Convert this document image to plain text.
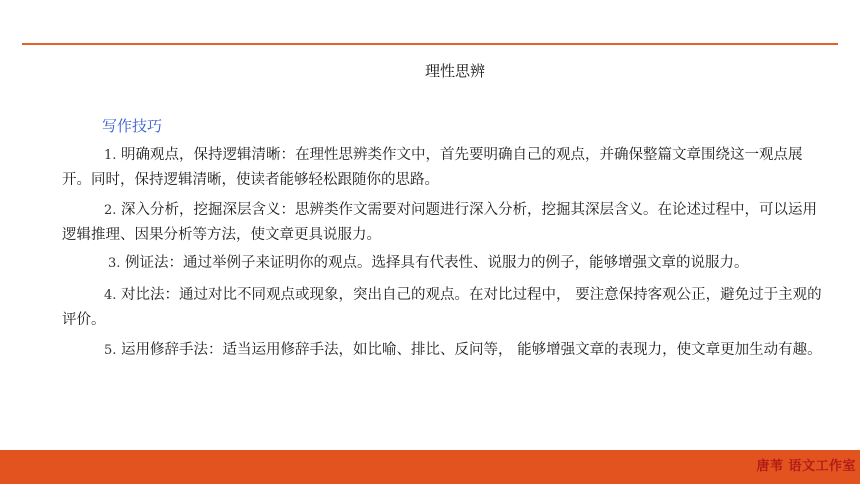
理性思辨
写作技巧

1. 明确观点，保持逻辑清晰：在理性思辨类作文中，首先要明确自己的观点，并确保整篇文章围绕这一观点展开。同时，保持逻辑清晰，使读者能够轻松跟随你的思路。

2. 深入分析，挖掘深层含义：思辨类作文需要对问题进行深入分析，挖掘其深层含义。在论述过程中，可以运用逻辑推理、因果分析等方法，使文章更具说服力。

3. 例证法：通过举例子来证明你的观点。选择具有代表性、说服力的例子，能够增强文章的说服力。

4. 对比法：通过对比不同观点或现象，突出自己的观点。在对比过程中， 要注意保持客观公正，避免过于主观的评价。

5. 运用修辞手法：适当运用修辞手法，如比喻、排比、反问等， 能够增强文章的表现力，使文章更加生动有趣。

唐苇 语文工作室
